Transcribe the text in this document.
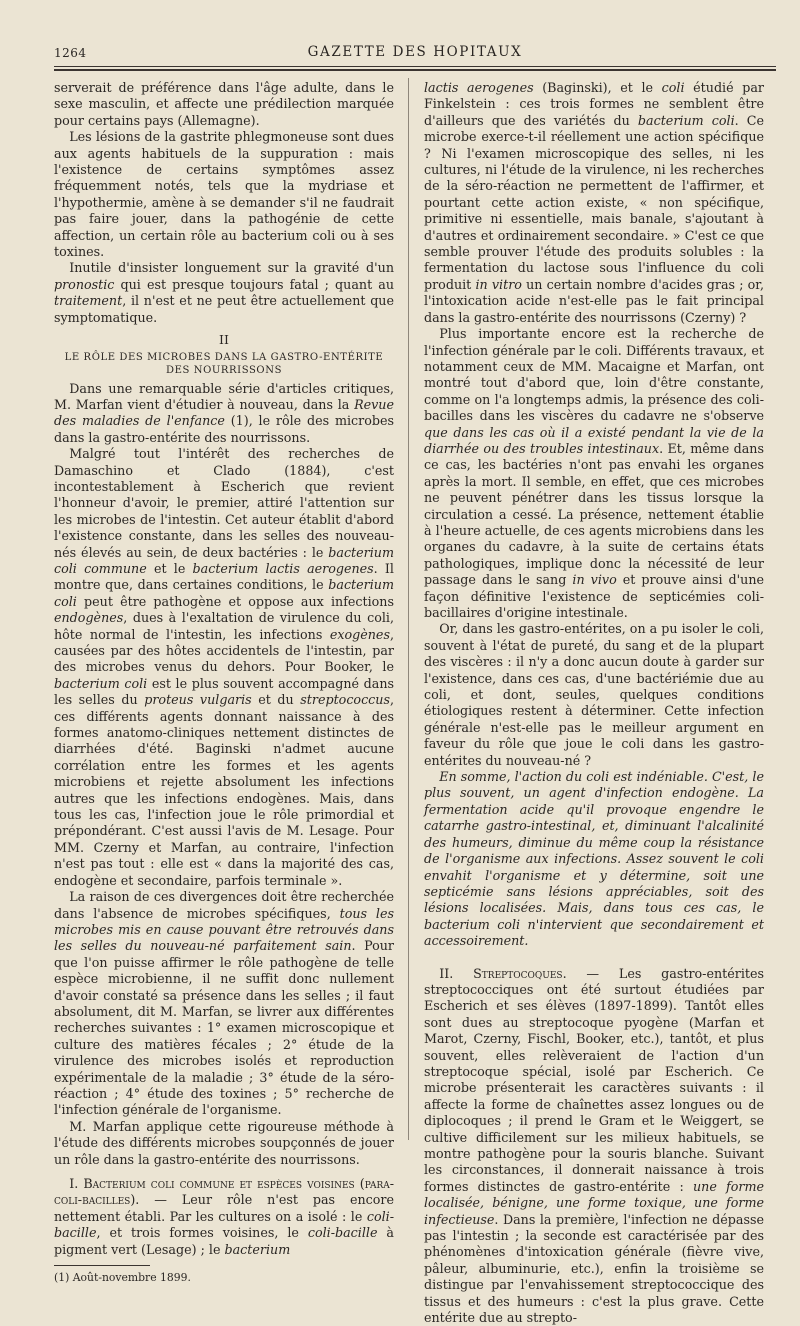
1264	GAZETTE DES HOPITAUX

serverait de préférence dans l'âge adulte, dans le sexe masculin, et affecte une prédilection marquée pour certains pays (Allemagne).

Les lésions de la gastrite phlegmoneuse sont dues aux agents habituels de la suppuration : mais l'existence de certains symptômes assez fréquemment notés, tels que la mydriase et l'hypothermie, amène à se demander s'il ne faudrait pas faire jouer, dans la pathogénie de cette affection, un certain rôle au bacterium coli ou à ses toxines.

Inutile d'insister longuement sur la gravité d'un pronostic qui est presque toujours fatal ; quant au traitement, il n'est et ne peut être actuellement que symptomatique.

II
LE RÔLE DES MICROBES DANS LA GASTRO-ENTÉRITE
DES NOURRISSONS

Dans une remarquable série d'articles critiques, M. Marfan vient d'étudier à nouveau, dans la Revue des maladies de l'enfance (1), le rôle des microbes dans la gastro-entérite des nourrissons.

Malgré tout l'intérêt des recherches de Damaschino et Clado (1884), c'est incontestablement à Escherich que revient l'honneur d'avoir, le premier, attiré l'attention sur les microbes de l'intestin. Cet auteur établit d'abord l'existence constante, dans les selles des nouveau-nés élevés au sein, de deux bactéries : le bacterium coli commune et le bacterium lactis aerogenes. Il montre que, dans certaines conditions, le bacterium coli peut être pathogène et oppose aux infections endogènes, dues à l'exaltation de virulence du coli, hôte normal de l'intestin, les infections exogènes, causées par des hôtes accidentels de l'intestin, par des microbes venus du dehors. Pour Booker, le bacterium coli est le plus souvent accompagné dans les selles du proteus vulgaris et du streptococcus, ces différents agents donnant naissance à des formes anatomo-cliniques nettement distinctes de diarrhées d'été. Baginski n'admet aucune corrélation entre les formes et les agents microbiens et rejette absolument les infections autres que les infections endogènes. Mais, dans tous les cas, l'infection joue le rôle primordial et prépondérant. C'est aussi l'avis de M. Lesage. Pour MM. Czerny et Marfan, au contraire, l'infection n'est pas tout : elle est « dans la majorité des cas, endogène et secondaire, parfois terminale ».

La raison de ces divergences doit être recherchée dans l'absence de microbes spécifiques, tous les microbes mis en cause pouvant être retrouvés dans les selles du nouveau-né parfaitement sain. Pour que l'on puisse affirmer le rôle pathogène de telle espèce microbienne, il ne suffit donc nullement d'avoir constaté sa présence dans les selles ; il faut absolument, dit M. Marfan, se livrer aux différentes recherches suivantes : 1° examen microscopique et culture des matières fécales ; 2° étude de la virulence des microbes isolés et reproduction expérimentale de la maladie ; 3° étude de la séro-réaction ; 4° étude des toxines ; 5° recherche de l'infection générale de l'organisme.

M. Marfan applique cette rigoureuse méthode à l'étude des différents microbes soupçonnés de jouer un rôle dans la gastro-entérite des nourrissons.

I. Bacterium coli commune et espèces voisines (para-coli-bacilles). — Leur rôle n'est pas encore nettement établi. Par les cultures on a isolé : le coli-bacille, et trois formes voisines, le coli-bacille à pigment vert (Lesage) ; le bacterium

(1) Août-novembre 1899.

lactis aerogenes (Baginski), et le coli étudié par Finkelstein : ces trois formes ne semblent être d'ailleurs que des variétés du bacterium coli. Ce microbe exerce-t-il réellement une action spécifique ? Ni l'examen microscopique des selles, ni les cultures, ni l'étude de la virulence, ni les recherches de la séro-réaction ne permettent de l'affirmer, et pourtant cette action existe, « non spécifique, primitive ni essentielle, mais banale, s'ajoutant à d'autres et ordinairement secondaire. » C'est ce que semble prouver l'étude des produits solubles : la fermentation du lactose sous l'influence du coli produit in vitro un certain nombre d'acides gras ; or, l'intoxication acide n'est-elle pas le fait principal dans la gastro-entérite des nourrissons (Czerny) ?

Plus importante encore est la recherche de l'infection générale par le coli. Différents travaux, et notamment ceux de MM. Macaigne et Marfan, ont montré tout d'abord que, loin d'être constante, comme on l'a longtemps admis, la présence des coli-bacilles dans les viscères du cadavre ne s'observe que dans les cas où il a existé pendant la vie de la diarrhée ou des troubles intestinaux. Et, même dans ce cas, les bactéries n'ont pas envahi les organes après la mort. Il semble, en effet, que ces microbes ne peuvent pénétrer dans les tissus lorsque la circulation a cessé. La présence, nettement établie à l'heure actuelle, de ces agents microbiens dans les organes du cadavre, à la suite de certains états pathologiques, implique donc la nécessité de leur passage dans le sang in vivo et prouve ainsi d'une façon définitive l'existence de septicémies coli-bacillaires d'origine intestinale.

Or, dans les gastro-entérites, on a pu isoler le coli, souvent à l'état de pureté, du sang et de la plupart des viscères : il n'y a donc aucun doute à garder sur l'existence, dans ces cas, d'une bactériémie due au coli, et dont, seules, quelques conditions étiologiques restent à déterminer. Cette infection générale n'est-elle pas le meilleur argument en faveur du rôle que joue le coli dans les gastro-entérites du nouveau-né ?

En somme, l'action du coli est indéniable. C'est, le plus souvent, un agent d'infection endogène. La fermentation acide qu'il provoque engendre le catarrhe gastro-intestinal, et, diminuant l'alcalinité des humeurs, diminue du même coup la résistance de l'organisme aux infections. Assez souvent le coli envahit l'organisme et y détermine, soit une septicémie sans lésions appréciables, soit des lésions localisées. Mais, dans tous ces cas, le bacterium coli n'intervient que secondairement et accessoirement.

II. Streptocoques. — Les gastro-entérites streptococciques ont été surtout étudiées par Escherich et ses élèves (1897-1899). Tantôt elles sont dues au streptocoque pyogène (Marfan et Marot, Czerny, Fischl, Booker, etc.), tantôt, et plus souvent, elles relèveraient de l'action d'un streptocoque spécial, isolé par Escherich. Ce microbe présenterait les caractères suivants : il affecte la forme de chaînettes assez longues ou de diplocoques ; il prend le Gram et le Weiggert, se cultive difficilement sur les milieux habituels, se montre pathogène pour la souris blanche. Suivant les circonstances, il donnerait naissance à trois formes distinctes de gastro-entérite : une forme localisée, bénigne, une forme toxique, une forme infectieuse. Dans la première, l'infection ne dépasse pas l'intestin ; la seconde est caractérisée par des phénomènes d'intoxication générale (fièvre vive, pâleur, albuminurie, etc.), enfin la troisième se distingue par l'envahissement streptococcique des tissus et des humeurs : c'est la plus grave. Cette entérite due au strepto-
